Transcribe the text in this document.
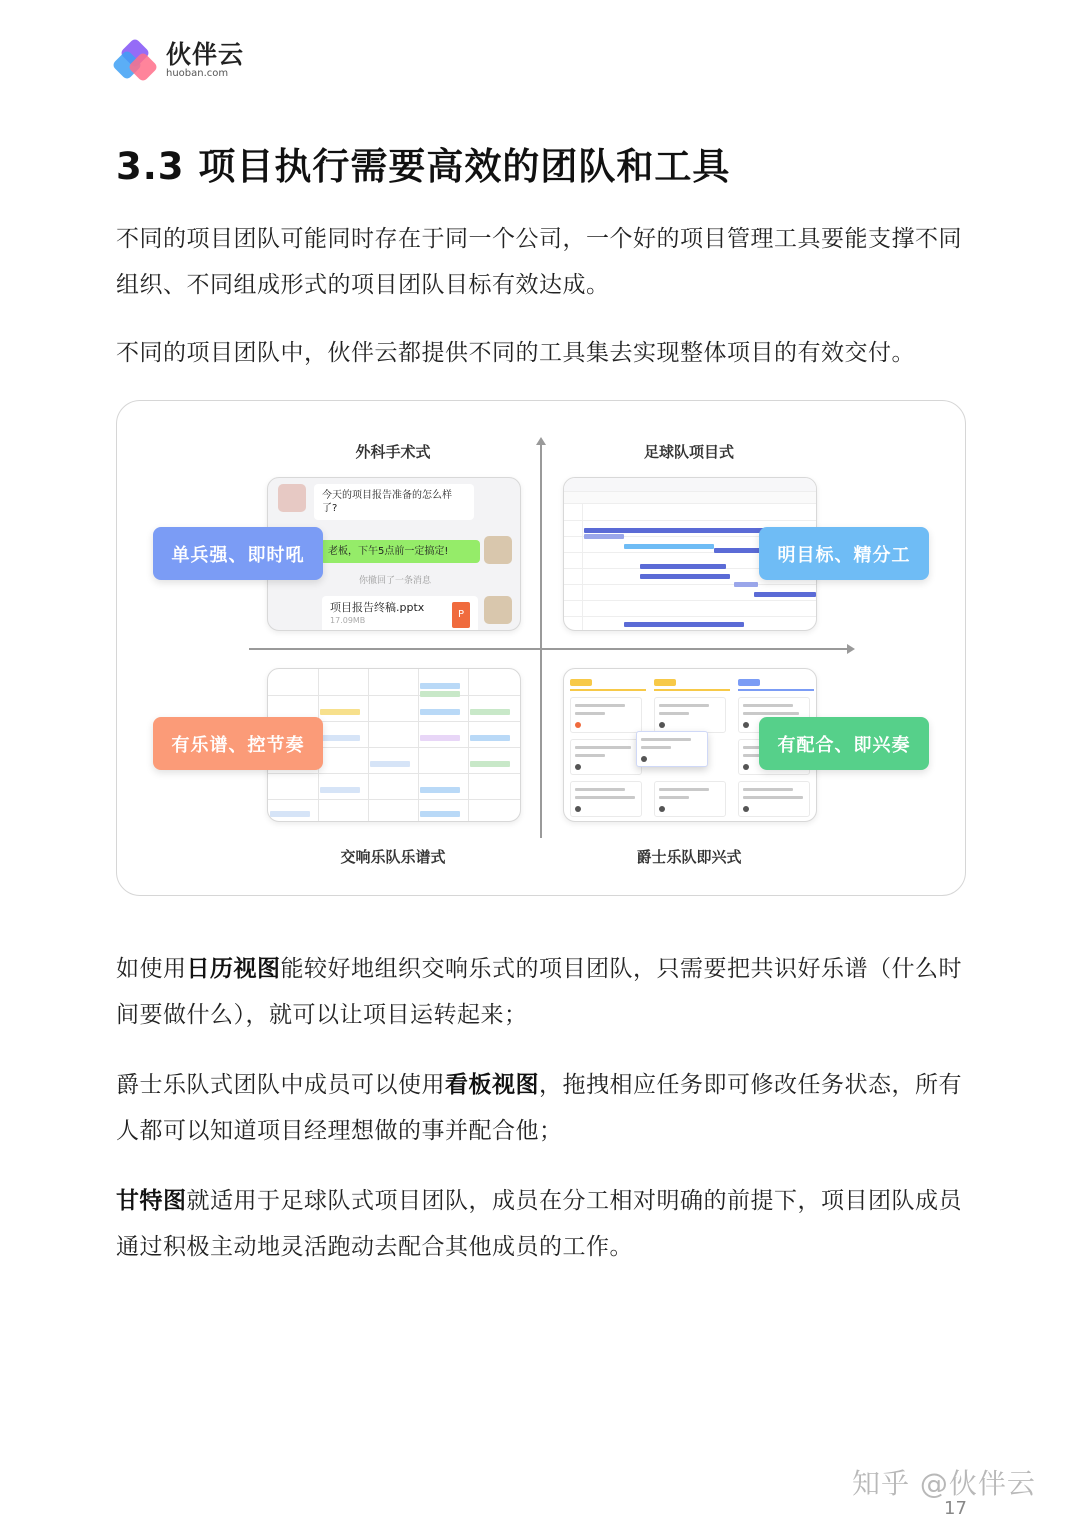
伙伴云
huoban.com
3.3 项目执行需要高效的团队和工具
不同的项目团队可能同时存在于同一个公司，一个好的项目管理工具要能支撑不同组织、不同组成形式的项目团队目标有效达成。
不同的项目团队中，伙伴云都提供不同的工具集去实现整体项目的有效交付。
外科手术式	足球队项目式
交响乐队乐谱式	爵士乐队即兴式
今天的项目报告准备的怎么样了?
老板，下午5点前一定搞定!
你撤回了一条消息
项目报告终稿.pptx
17.09MB
P
单兵强、即时吼	明目标、精分工
有乐谱、控节奏	有配合、即兴奏
如使用日历视图能较好地组织交响乐式的项目团队，只需要把共识好乐谱（什么时间要做什么），就可以让项目运转起来；
爵士乐队式团队中成员可以使用看板视图，拖拽相应任务即可修改任务状态，所有人都可以知道项目经理想做的事并配合他；
甘特图就适用于足球队式项目团队，成员在分工相对明确的前提下，项目团队成员通过积极主动地灵活跑动去配合其他成员的工作。
知乎 @伙伴云
17
